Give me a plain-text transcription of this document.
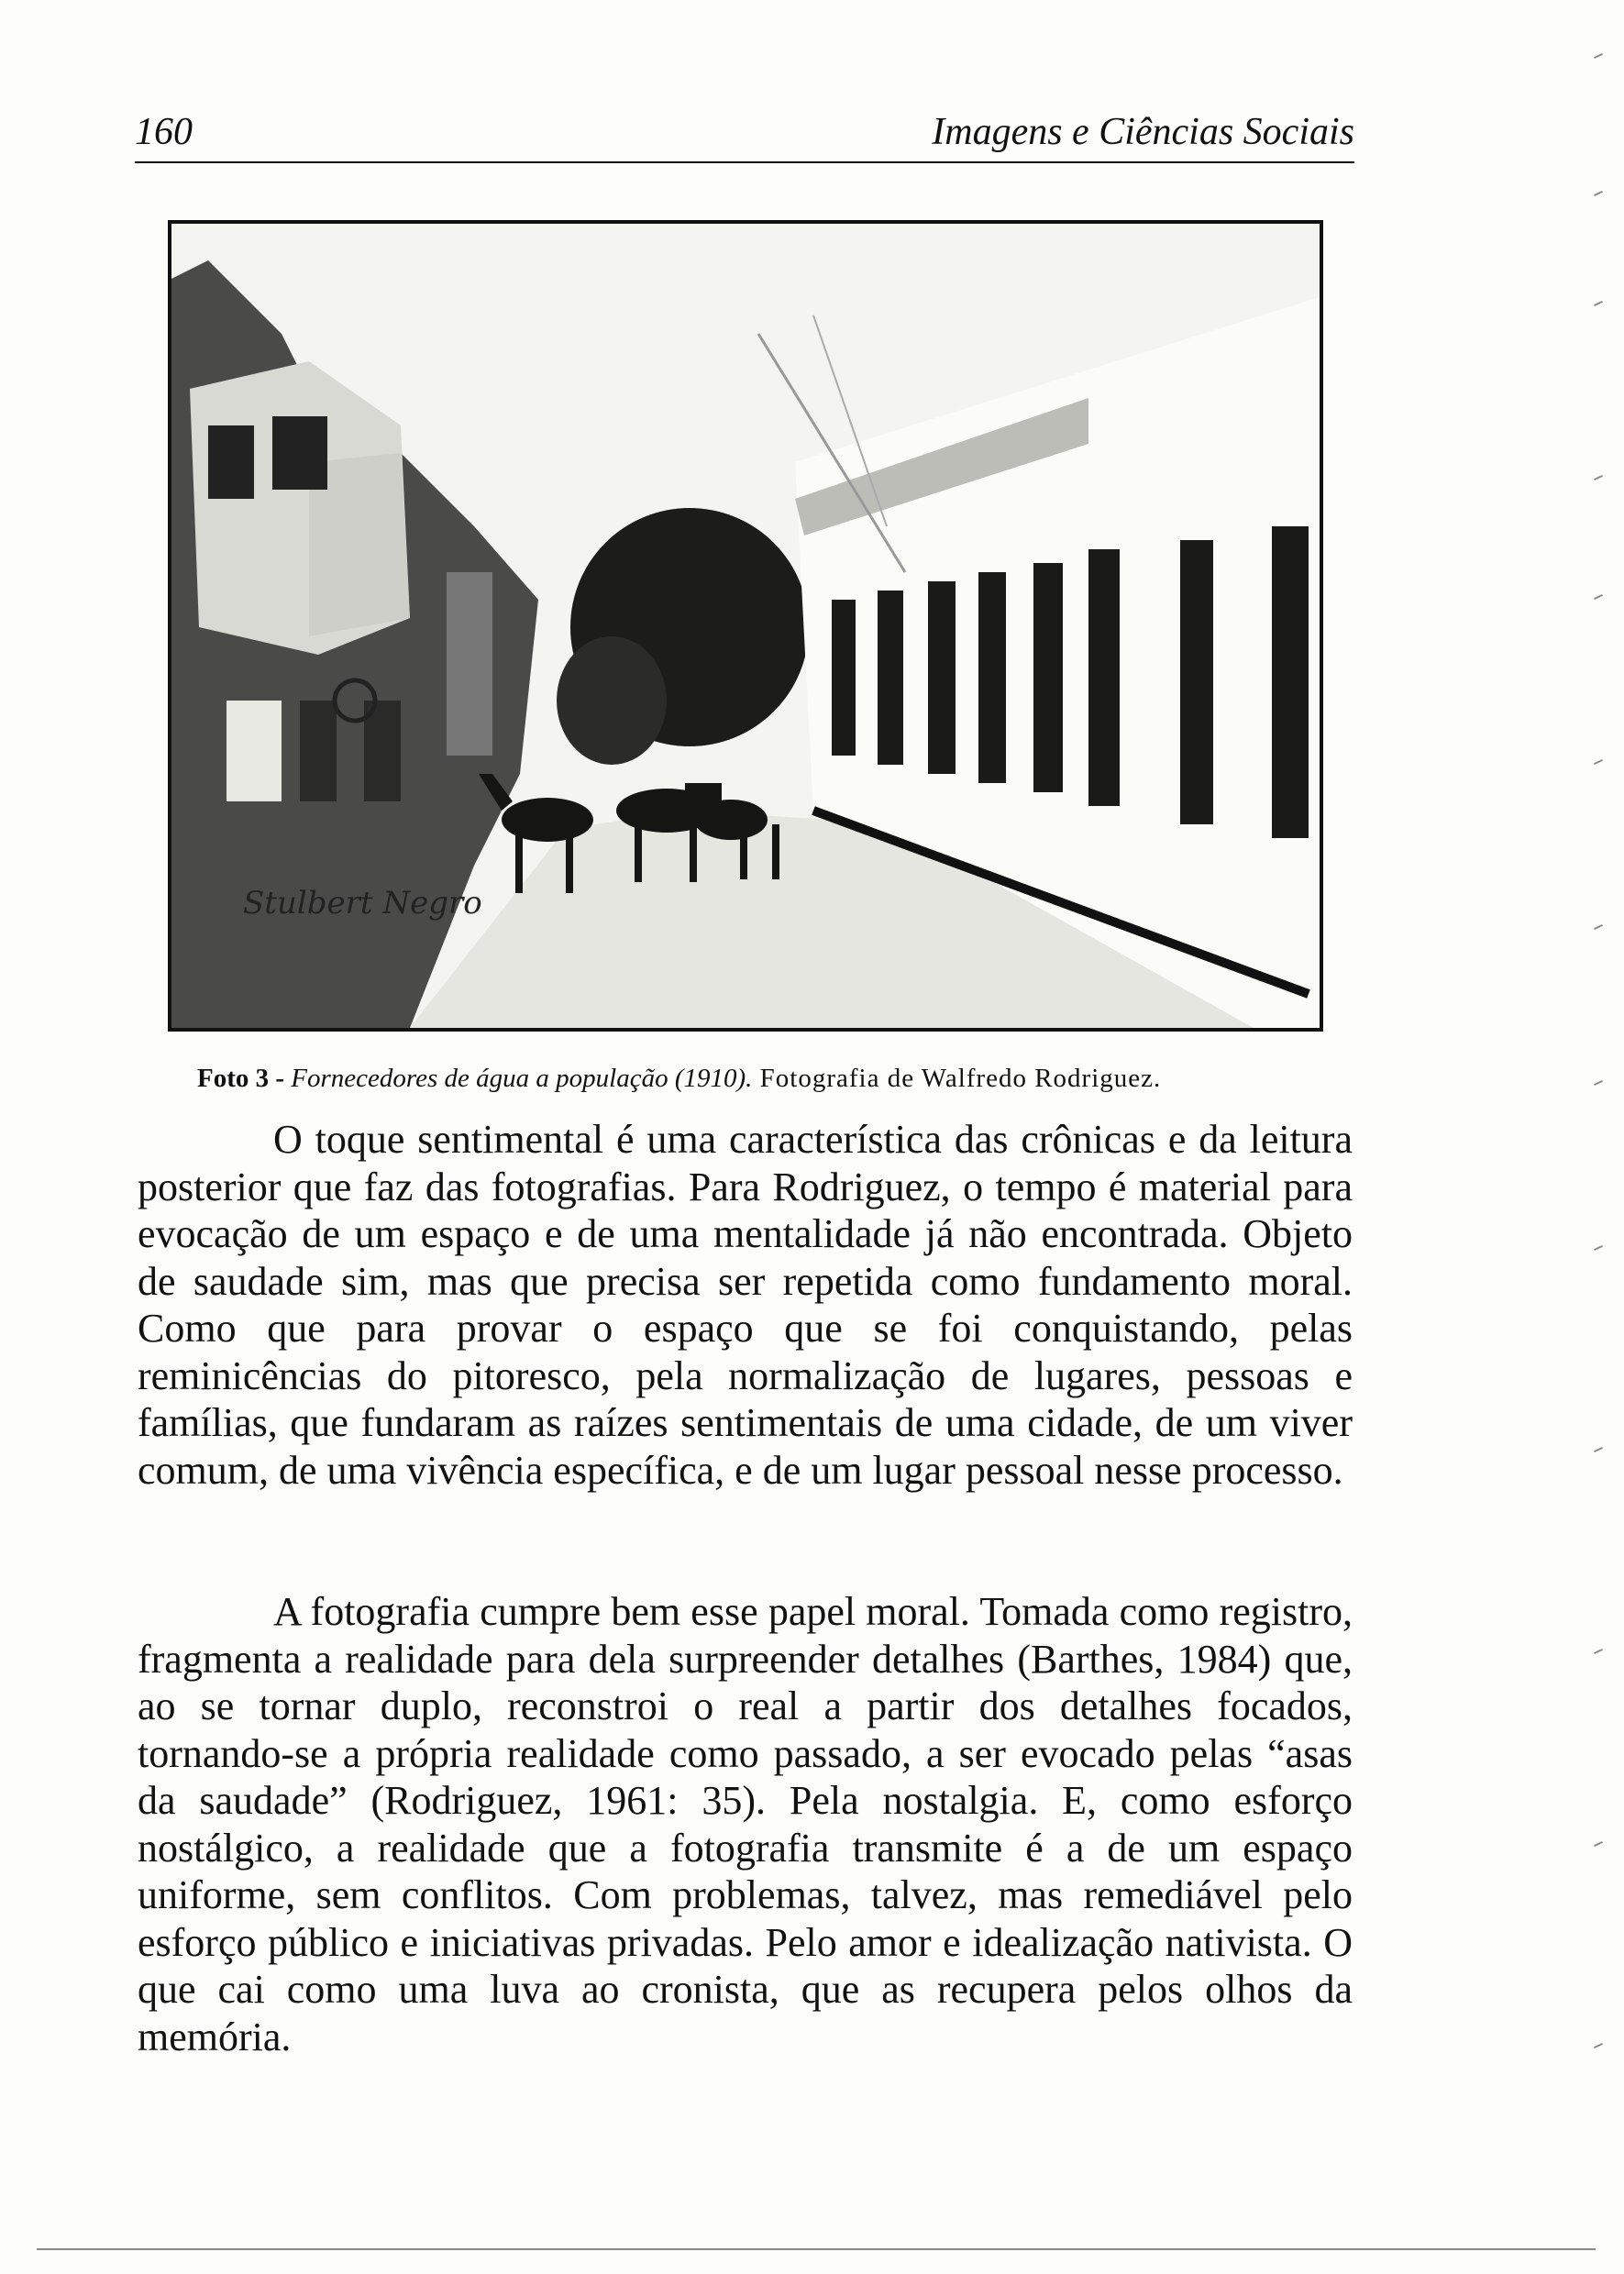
160	Imagens e Ciências Sociais
Stulbert Negro
Foto 3 - Fornecedores de água a população (1910). Fotografia de Walfredo Rodriguez.

O toque sentimental é uma característica das crônicas e da leitura posterior que faz das fotografias. Para Rodriguez, o tempo é material para evocação de um espaço e de uma mentalidade já não encontrada. Objeto de saudade sim, mas que precisa ser repetida como fundamento moral. Como que para provar o espaço que se foi conquistando, pelas reminicências do pitoresco, pela normalização de lugares, pessoas e famílias, que fundaram as raízes sentimentais de uma cidade, de um viver comum, de uma vivência específica, e de um lugar pessoal nesse processo.

A fotografia cumpre bem esse papel moral. Tomada como registro, fragmenta a realidade para dela surpreender detalhes (Barthes, 1984) que, ao se tornar duplo, reconstroi o real a partir dos detalhes focados, tornando-se a própria realidade como passado, a ser evocado pelas “asas da saudade” (Rodriguez, 1961: 35). Pela nostalgia. E, como esforço nostálgico, a realidade que a fotografia transmite é a de um espaço uniforme, sem conflitos. Com problemas, talvez, mas remediável pelo esforço público e iniciativas privadas. Pelo amor e idealização nativista. O que cai como uma luva ao cronista, que as recupera pelos olhos da memória.
